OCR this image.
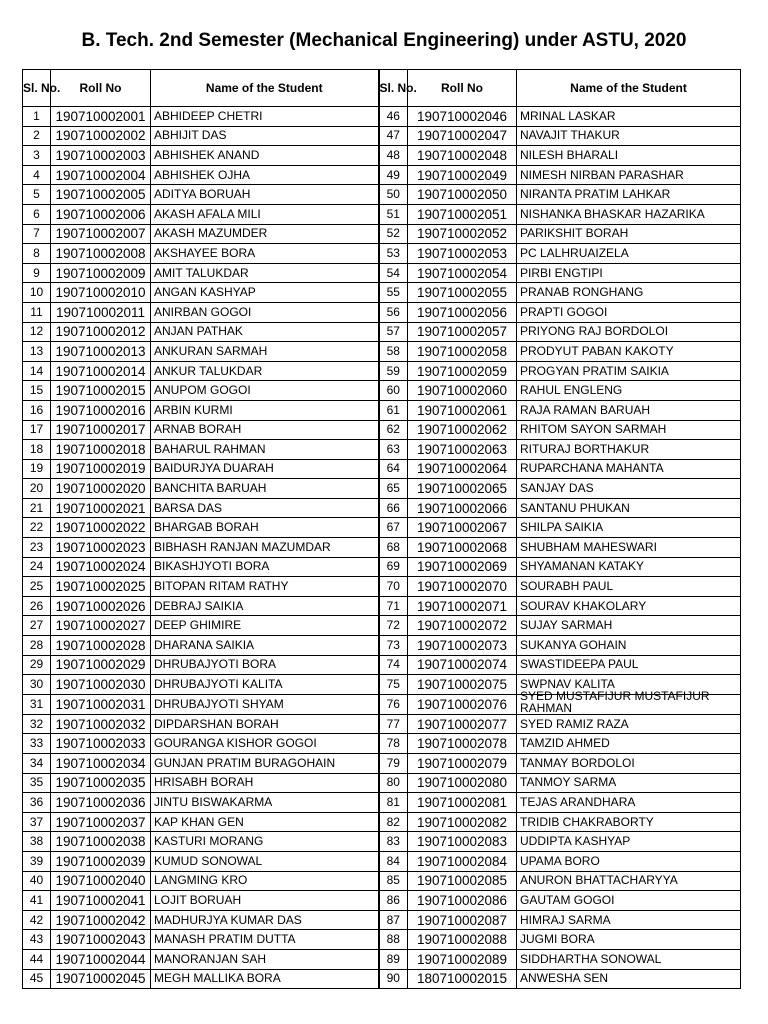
B. Tech. 2nd Semester (Mechanical Engineering) under ASTU, 2020
Sl. No.	Roll No	Name of the Student	Sl. No.	Roll No	Name of the Student
1	190710002001	ABHIDEEP CHETRI	46	190710002046	MRINAL LASKAR
2	190710002002	ABHIJIT DAS	47	190710002047	NAVAJIT THAKUR
3	190710002003	ABHISHEK ANAND	48	190710002048	NILESH BHARALI
4	190710002004	ABHISHEK OJHA	49	190710002049	NIMESH NIRBAN PARASHAR
5	190710002005	ADITYA BORUAH	50	190710002050	NIRANTA PRATIM LAHKAR
6	190710002006	AKASH AFALA MILI	51	190710002051	NISHANKA BHASKAR HAZARIKA
7	190710002007	AKASH MAZUMDER	52	190710002052	PARIKSHIT BORAH
8	190710002008	AKSHAYEE BORA	53	190710002053	PC LALHRUAIZELA
9	190710002009	AMIT TALUKDAR	54	190710002054	PIRBI ENGTIPI
10	190710002010	ANGAN KASHYAP	55	190710002055	PRANAB RONGHANG
11	190710002011	ANIRBAN GOGOI	56	190710002056	PRAPTI GOGOI
12	190710002012	ANJAN PATHAK	57	190710002057	PRIYONG RAJ BORDOLOI
13	190710002013	ANKURAN SARMAH	58	190710002058	PRODYUT PABAN KAKOTY
14	190710002014	ANKUR TALUKDAR	59	190710002059	PROGYAN PRATIM SAIKIA
15	190710002015	ANUPOM GOGOI	60	190710002060	RAHUL ENGLENG
16	190710002016	ARBIN KURMI	61	190710002061	RAJA RAMAN BARUAH
17	190710002017	ARNAB BORAH	62	190710002062	RHITOM SAYON SARMAH
18	190710002018	BAHARUL RAHMAN	63	190710002063	RITURAJ BORTHAKUR
19	190710002019	BAIDURJYA DUARAH	64	190710002064	RUPARCHANA MAHANTA
20	190710002020	BANCHITA BARUAH	65	190710002065	SANJAY DAS
21	190710002021	BARSA DAS	66	190710002066	SANTANU PHUKAN
22	190710002022	BHARGAB BORAH	67	190710002067	SHILPA SAIKIA
23	190710002023	BIBHASH RANJAN MAZUMDAR	68	190710002068	SHUBHAM MAHESWARI
24	190710002024	BIKASHJYOTI BORA	69	190710002069	SHYAMANAN KATAKY
25	190710002025	BITOPAN RITAM RATHY	70	190710002070	SOURABH PAUL
26	190710002026	DEBRAJ SAIKIA	71	190710002071	SOURAV KHAKOLARY
27	190710002027	DEEP GHIMIRE	72	190710002072	SUJAY SARMAH
28	190710002028	DHARANA SAIKIA	73	190710002073	SUKANYA GOHAIN
29	190710002029	DHRUBAJYOTI BORA	74	190710002074	SWASTIDEEPA PAUL
30	190710002030	DHRUBAJYOTI KALITA	75	190710002075	SWPNAV KALITA
31	190710002031	DHRUBAJYOTI SHYAM	76	190710002076	SYED MUSTAFIJUR MUSTAFIJUR RAHMAN

32	190710002032	DIPDARSHAN BORAH	77	190710002077	SYED RAMIZ RAZA
33	190710002033	GOURANGA KISHOR GOGOI	78	190710002078	TAMZID AHMED
34	190710002034	GUNJAN PRATIM BURAGOHAIN	79	190710002079	TANMAY BORDOLOI
35	190710002035	HRISABH BORAH	80	190710002080	TANMOY SARMA
36	190710002036	JINTU BISWAKARMA	81	190710002081	TEJAS ARANDHARA
37	190710002037	KAP KHAN GEN	82	190710002082	TRIDIB CHAKRABORTY
38	190710002038	KASTURI MORANG	83	190710002083	UDDIPTA KASHYAP
39	190710002039	KUMUD SONOWAL	84	190710002084	UPAMA BORO
40	190710002040	LANGMING KRO	85	190710002085	ANURON BHATTACHARYYA
41	190710002041	LOJIT BORUAH	86	190710002086	GAUTAM GOGOI
42	190710002042	MADHURJYA KUMAR DAS	87	190710002087	HIMRAJ SARMA
43	190710002043	MANASH PRATIM DUTTA	88	190710002088	JUGMI BORA
44	190710002044	MANORANJAN SAH	89	190710002089	SIDDHARTHA SONOWAL
45	190710002045	MEGH MALLIKA BORA	90	180710002015	ANWESHA SEN
